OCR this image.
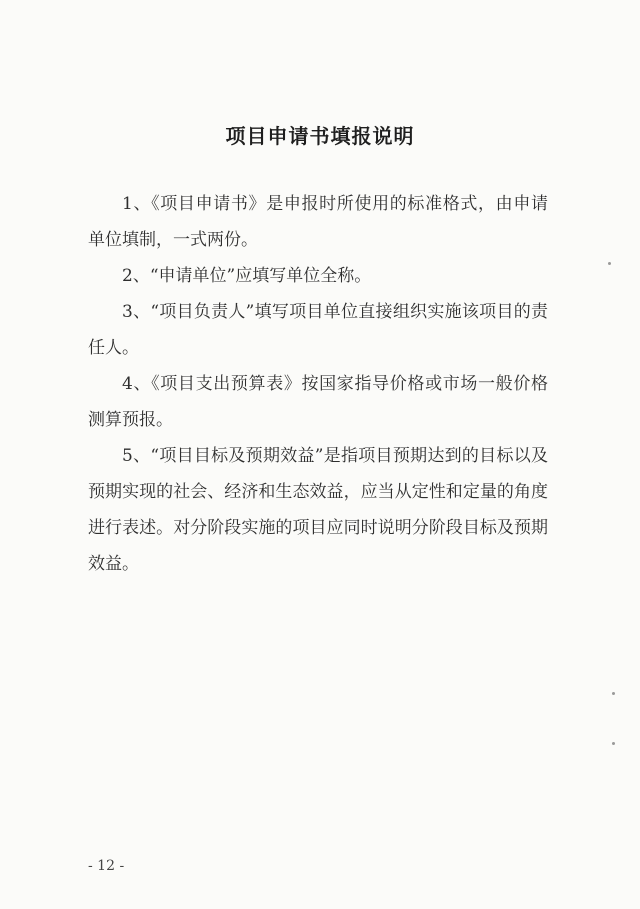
项目申请书填报说明

1、《项目申请书》是申报时所使用的标准格式，由申请单位填制，一式两份。

2、“申请单位”应填写单位全称。

3、“项目负责人”填写项目单位直接组织实施该项目的责任人。

4、《项目支出预算表》按国家指导价格或市场一般价格测算预报。

5、“项目目标及预期效益”是指项目预期达到的目标以及预期实现的社会、经济和生态效益，应当从定性和定量的角度进行表述。对分阶段实施的项目应同时说明分阶段目标及预期效益。

- 12 -
